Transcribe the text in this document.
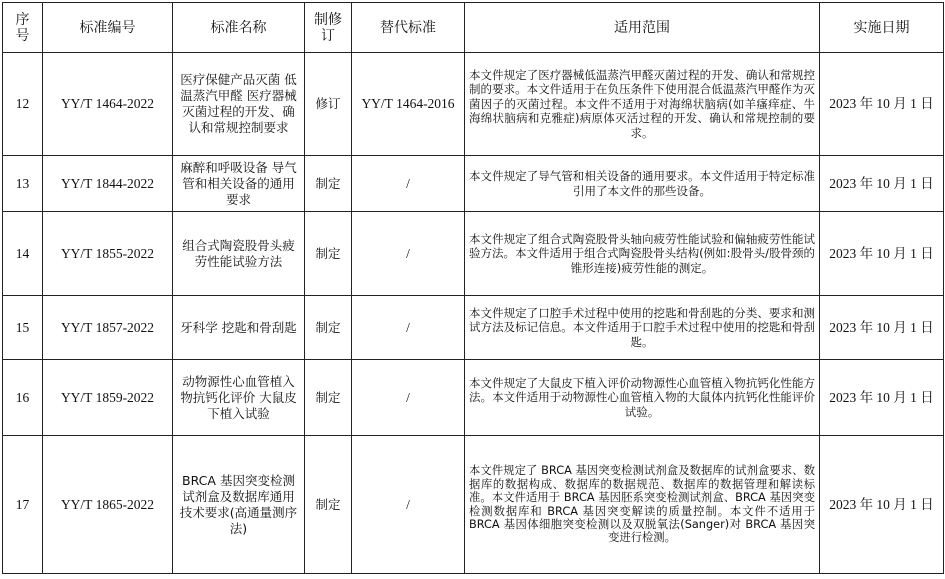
序号	标准编号	标准名称	制修订	替代标准	适用范围	实施日期
12	YY/T 1464-2022	医疗保健产品灭菌 低温蒸汽甲醛 医疗器械灭菌过程的开发、确认和常规控制要求	修订	YY/T 1464-2016	本文件规定了医疗器械低温蒸汽甲醛灭菌过程的开发、确认和常规控制的要求。本文件适用于在负压条件下使用混合低温蒸汽甲醛作为灭菌因子的灭菌过程。本文件不适用于对海绵状脑病(如羊瘙痒症、牛海绵状脑病和克雅症)病原体灭活过程的开发、确认和常规控制的要求。	2023 年 10 月 1 日
13	YY/T 1844-2022	麻醉和呼吸设备 导气管和相关设备的通用要求	制定	/	本文件规定了导气管和相关设备的通用要求。本文件适用于特定标准引用了本文件的那些设备。	2023 年 10 月 1 日
14	YY/T 1855-2022	组合式陶瓷股骨头疲劳性能试验方法	制定	/	本文件规定了组合式陶瓷股骨头轴向疲劳性能试验和偏轴疲劳性能试验方法。本文件适用于组合式陶瓷股骨头结构(例如:股骨头/股骨颈的锥形连接)疲劳性能的测定。	2023 年 10 月 1 日
15	YY/T 1857-2022	牙科学 挖匙和骨刮匙	制定	/	本文件规定了口腔手术过程中使用的挖匙和骨刮匙的分类、要求和测试方法及标记信息。本文件适用于口腔手术过程中使用的挖匙和骨刮匙。	2023 年 10 月 1 日
16	YY/T 1859-2022	动物源性心血管植入物抗钙化评价 大鼠皮下植入试验	制定	/	本文件规定了大鼠皮下植入评价动物源性心血管植入物抗钙化性能方法。本文件适用于动物源性心血管植入物的大鼠体内抗钙化性能评价试验。	2023 年 10 月 1 日
17	YY/T 1865-2022	BRCA 基因突变检测试剂盒及数据库通用技术要求(高通量测序法)	制定	/	本文件规定了 BRCA 基因突变检测试剂盒及数据库的试剂盒要求、数据库的数据构成、数据库的数据规范、数据库的数据管理和解读标准。本文件适用于 BRCA 基因胚系突变检测试剂盒、BRCA 基因突变检测数据库和 BRCA 基因突变解读的质量控制。本文件不适用于 BRCA 基因体细胞突变检测以及双脱氧法(Sanger)对 BRCA 基因突变进行检测。	2023 年 10 月 1 日
